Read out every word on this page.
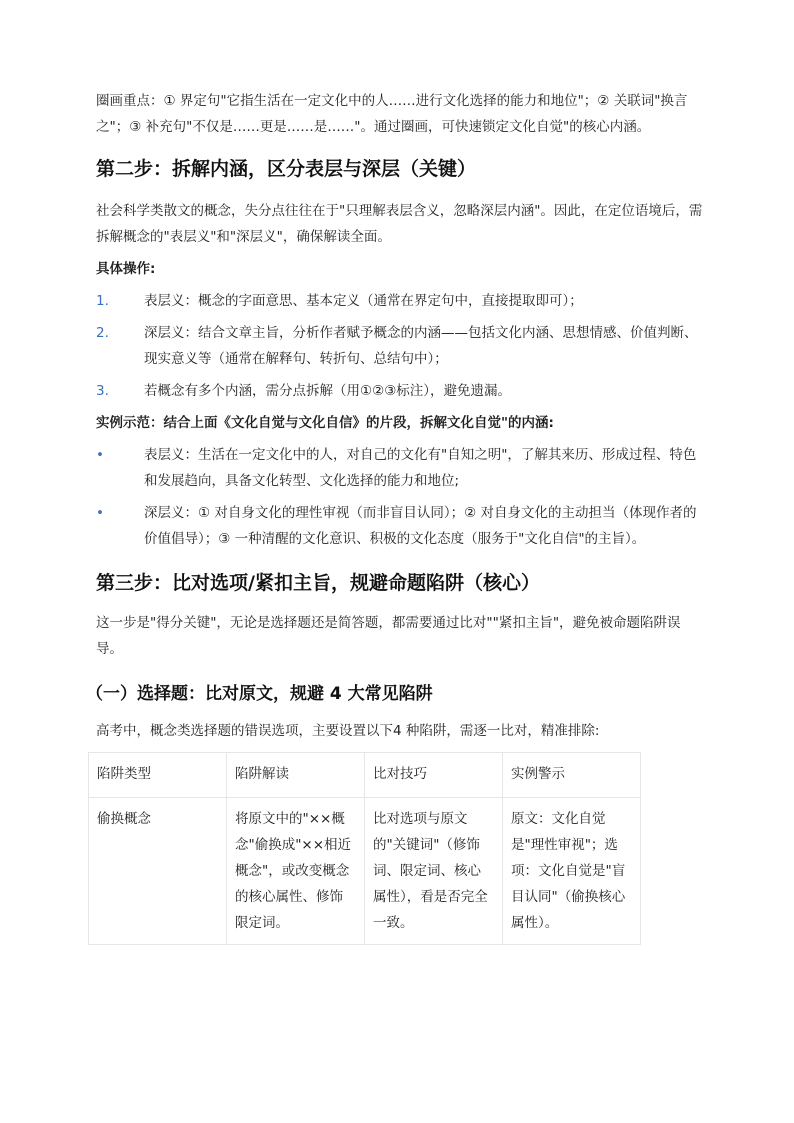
圈画重点：① 界定句"它指生活在一定文化中的人……进行文化选择的能力和地位"；② 关联词"换言之"；③ 补充句"不仅是……更是……是……"。通过圈画，可快速锁定文化自觉"的核心内涵。

第二步：拆解内涵，区分表层与深层（关键）

社会科学类散文的概念，失分点往往在于"只理解表层含义，忽略深层内涵"。因此，在定位语境后，需拆解概念的"表层义"和"深层义"，确保解读全面。

具体操作:

1.	表层义：概念的字面意思、基本定义（通常在界定句中，直接提取即可）；

2.	深层义：结合文章主旨，分析作者赋予概念的内涵——包括文化内涵、思想情感、价值判断、现实意义等（通常在解释句、转折句、总结句中）；

3.	若概念有多个内涵，需分点拆解（用①②③标注），避免遗漏。

实例示范：结合上面《文化自觉与文化自信》的片段，拆解文化自觉"的内涵:

•	表层义：生活在一定文化中的人，对自己的文化有"自知之明"，了解其来历、形成过程、特色和发展趋向，具备文化转型、文化选择的能力和地位;

•	深层义：① 对自身文化的理性审视（而非盲目认同）；② 对自身文化的主动担当（体现作者的价值倡导）；③ 一种清醒的文化意识、积极的文化态度（服务于"文化自信"的主旨）。

第三步：比对选项/紧扣主旨，规避命题陷阱（核心）

这一步是"得分关键"，无论是选择题还是简答题，都需要通过比对""紧扣主旨"，避免被命题陷阱误导。

（一）选择题：比对原文，规避 4 大常见陷阱

高考中，概念类选择题的错误选项，主要设置以下4 种陷阱，需逐一比对，精准排除:

陷阱类型	陷阱解读	比对技巧	实例警示
偷换概念	将原文中的"××概念"偷换成"××相近概念"，或改变概念的核心属性、修饰限定词。	比对选项与原文的"关键词"（修饰词、限定词、核心属性），看是否完全一致。	原文：文化自觉是"理性审视"；选项：文化自觉是"盲目认同"（偷换核心属性）。
